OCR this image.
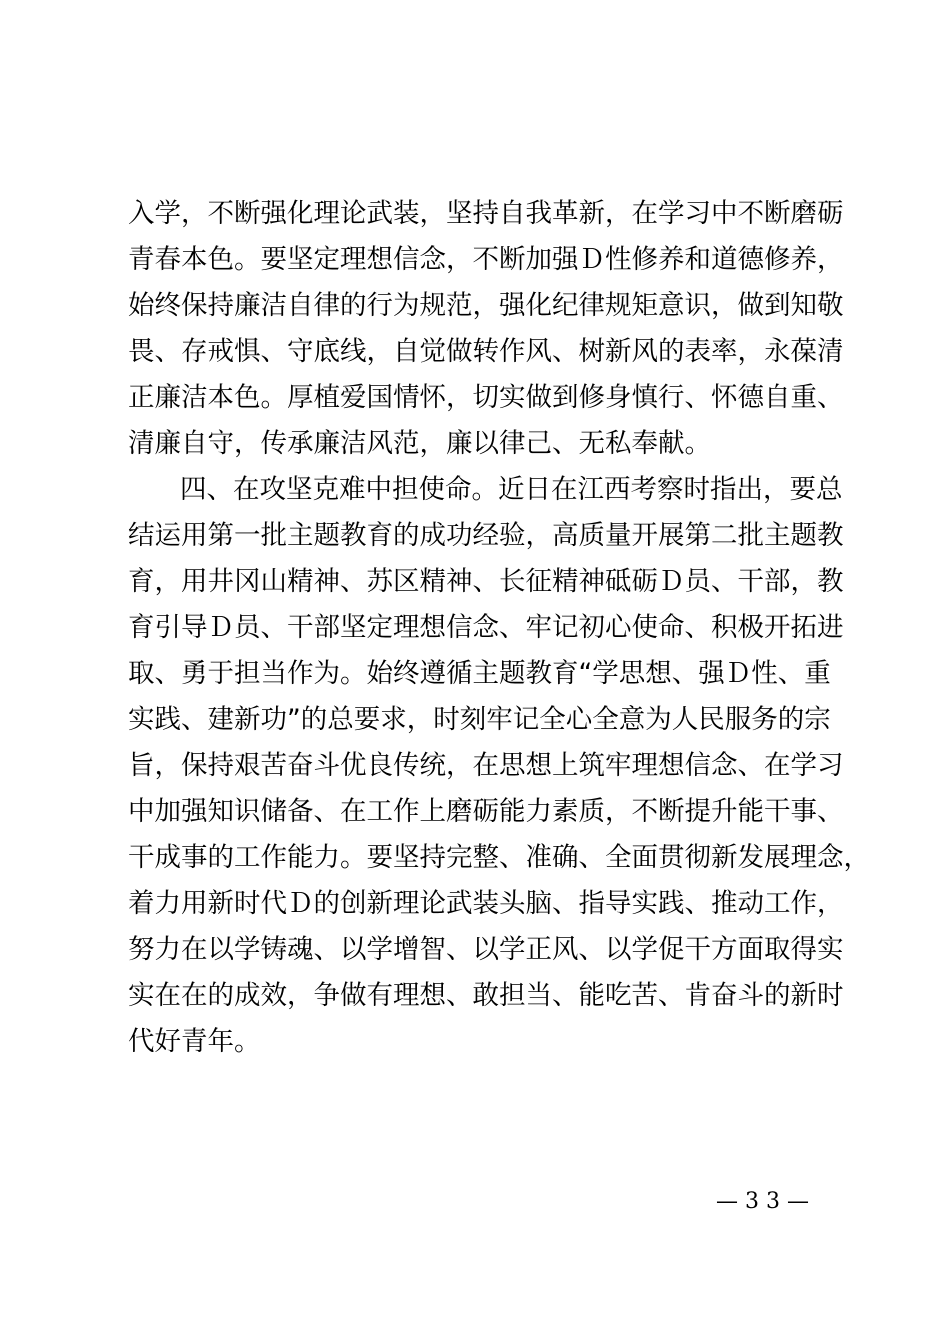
入学，不断强化理论武装，坚持自我革新，在学习中不断磨砺
青春本色。要坚定理想信念，不断加强Ｄ性修养和道德修养，
始终保持廉洁自律的行为规范，强化纪律规矩意识，做到知敬
畏、存戒惧、守底线，自觉做转作风、树新风的表率，永葆清
正廉洁本色。厚植爱国情怀，切实做到修身慎行、怀德自重、
清廉自守，传承廉洁风范，廉以律己、无私奉献。
四、在攻坚克难中担使命。近日在江西考察时指出，要总
结运用第一批主题教育的成功经验，高质量开展第二批主题教
育，用井冈山精神、苏区精神、长征精神砥砺Ｄ员、干部，教
育引导Ｄ员、干部坚定理想信念、牢记初心使命、积极开拓进
取、勇于担当作为。始终遵循主题教育“学思想、强Ｄ性、重
实践、建新功”的总要求，时刻牢记全心全意为人民服务的宗
旨，保持艰苦奋斗优良传统，在思想上筑牢理想信念、在学习
中加强知识储备、在工作上磨砺能力素质，不断提升能干事、
干成事的工作能力。要坚持完整、准确、全面贯彻新发展理念，
着力用新时代Ｄ的创新理论武装头脑、指导实践、推动工作，
努力在以学铸魂、以学增智、以学正风、以学促干方面取得实
实在在的成效，争做有理想、敢担当、能吃苦、肯奋斗的新时
代好青年。
— 3 3 —
